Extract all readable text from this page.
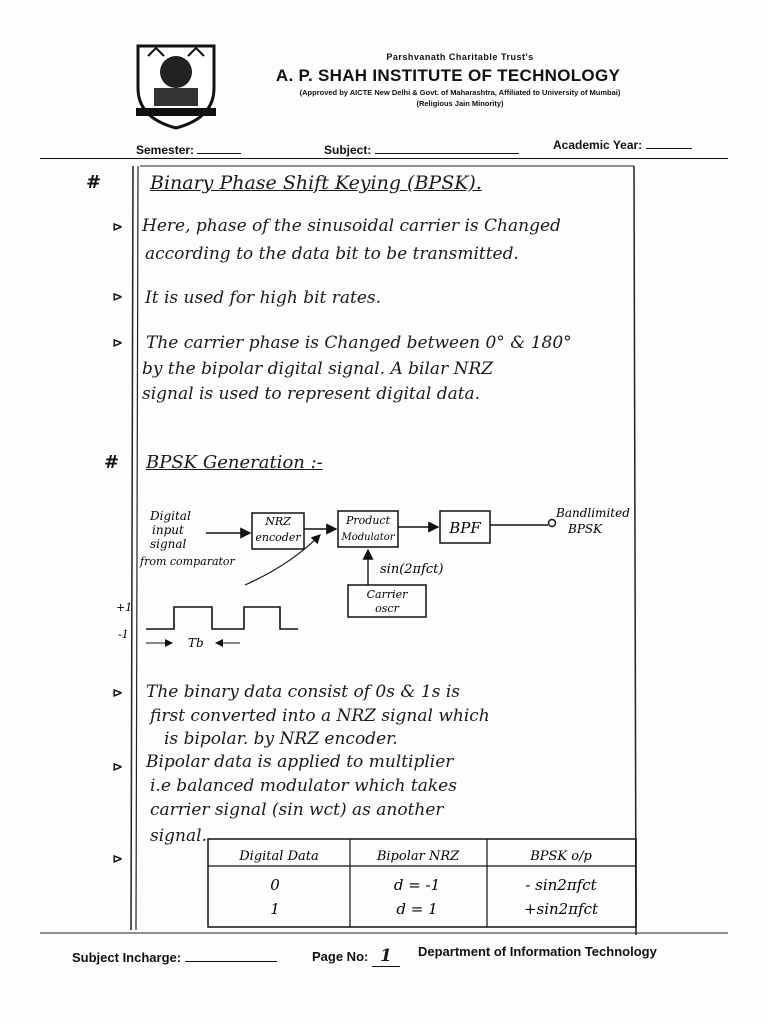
Parshvanath Charitable Trust's
A. P. SHAH INSTITUTE OF TECHNOLOGY
(Approved by AICTE New Delhi & Govt. of Maharashtra, Affiliated to University of Mumbai)
(Religious Jain Minority)
Semester:	Subject:	Academic Year:
#	Binary Phase Shift Keying (BPSK).
⊳ Here, phase of the sinusoidal carrier is Changed
according to the data bit to be transmitted.
⊳ It is used for high bit rates.
⊳ The carrier phase is Changed between 0° & 180°
by the bipolar digital signal. A bilar NRZ
signal is used to represent digital data.
# BPSK Generation :-
Digital
input
signal
from comparator
NRZ
encoder
Product
Modulator
BPF
Bandlimited
BPSK
sin(2πfct)
Carrier
oscr
+1
-1
Tb
⊳ The binary data consist of 0s & 1s is
first converted into a NRZ signal which
is bipolar. by NRZ encoder.
⊳ Bipolar data is applied to multiplier
i.e balanced modulator which takes
carrier signal (sin wct) as another
signal.
⊳	Digital Data	Bipolar NRZ	BPSK o/p
0	d = -1	- sin2πfct
1	d = 1	+sin2πfct
Subject Incharge:	Page No: 1	Department of Information Technology
